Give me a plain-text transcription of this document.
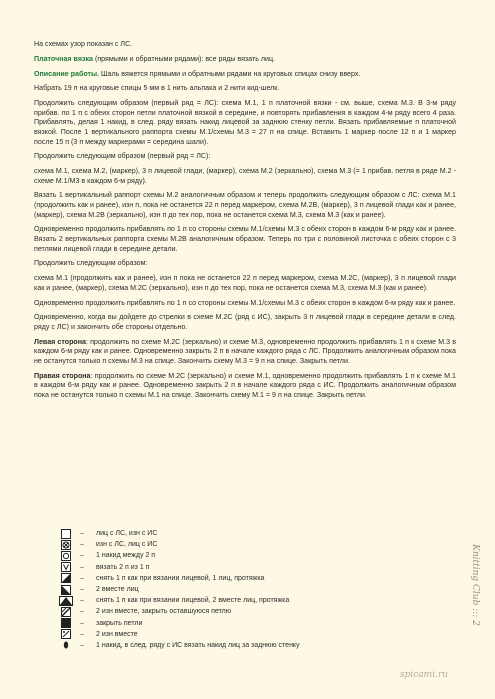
На схемах узор показан с ЛС.

Платочная вязка (прямыми и обратными рядами): все ряды вязать лиц.

Описание работы. Шаль вяжется прямыми и обратными рядами на круговых спицах снизу вверх.

Набрать 19 п на круговые спицы 5 мм в 1 нить альпака и 2 нити кид-шелк.

Продолжить следующим образом (первый ряд = ЛС): схема М.1, 1 п платочной вязки - см. выше, схема М.3. В 3-м ряду прибав. по 1 п с обеих сторон петли платочной вязкой в середине, и повторять прибавления в каждом 4-м ряду всего 4 раза. Прибавлять, делая 1 накид, в след. ряду вязать накид лицевой за заднюю стенку петли. Вязать прибавляемые п платочной вязкой. После 1 вертикального раппорта схемы М.1/схемы М.3 = 27 п на спице. Вставить 1 маркер после 12 п и 1 маркер после 15 п (3 п между маркерами = середина шали).

Продолжить следующим образом (первый ряд = ЛС):

схема М.1, схема М.2, (маркер), 3 п лицевой глади, (маркер), схема М.2 (зеркально), схема М.3 (= 1 прибав. петля в ряде М.2 - схеме М.1/М3 в каждом 6-м ряду).

Вязать 1 вертикальный раппорт схемы М.2 аналогичным образом и теперь продолжить следующим образом с ЛС: схема М.1 (продолжить как и ранее), изн п, пока не останется 22 п перед маркером, схема М.2В, (маркер), 3 п лицевой глади как и ранее, (маркер), схема М.2В (зеркально), изн п до тех пор, пока не останется схема М.3, схема М.3 (как и ранее).

Одновременно продолжить прибавлять по 1 п со стороны схемы М.1/схемы М.3 с обеих сторон в каждом 6-м ряду как и ранее. Вязать 2 вертикальных раппорта схемы М.2В аналогичным образом. Теперь по три с половиной листочка с обеих сторон с 3 петлями лицевой глади в середине детали.

Продолжить следующим образом:

схема М.1 (продолжить как и ранее), изн п пока не останется 22 п перед маркером, схема М.2С, (маркер), 3 п лицевой глади как и ранее, (маркер), схема М.2С (зеркально), изн п до тех пор, пока не останется схема М.3, схема М.3 (как и ранее).

Одновременно продолжить прибавлять по 1 п со стороны схемы М.1/схемы М.3 с обеих сторон в каждом 6-м ряду как и ранее.

Одновременно, когда вы дойдете до стрелки в схеме М.2С (ряд с ИС), закрыть 3 п лицевой глади в середине детали в след. ряду с ЛС) и закончить обе стороны отдельно.

Левая сторона: продолжить по схеме М.2С (зеркально) и схеме М.3, одновременно продолжить прибавлять 1 п к схеме М.3 в каждом 6-м ряду как и ранее. Одновременно закрыть 2 п в начале каждого ряда с ЛС. Продолжить аналогичным образом пока не останутся только п схемы М.3 на спице. Закончить схему М.3 = 9 п на спице. Закрыть петли.

Правая сторона: продолжить по схеме М.2С (зеркально) и схеме М.1, одновременно продолжить прибавлять 1 п к схеме М.1 в каждом 6-м ряду как и ранее. Одновременно закрыть 2 п в начале каждого ряда с ИС. Продолжить аналогичным образом пока не останутся только п схемы М.1 на спице. Закончить схему М.1 = 9 п на спице. Закрыть петли.

–	лиц с ЛС, изн с ИС
–	изн с ЛС, лиц с ИС
–	1 накид между 2 п
–	вязать 2 п из 1 п
–	снять 1 п как при вязании лицевой, 1 лиц, протяжка
–	2 вместе лиц
–	снять 1 п как при вязании лицевой, 2 вместе лиц, протяжка
–	2 изн вместе, закрыть оставшуюся петлю
–	закрыть петли
–	2 изн вместе
–	1 накид, в след. ряду с ИС вязать накид лиц за заднюю стенку
Knitting Club ::: 2
spicami.ru
